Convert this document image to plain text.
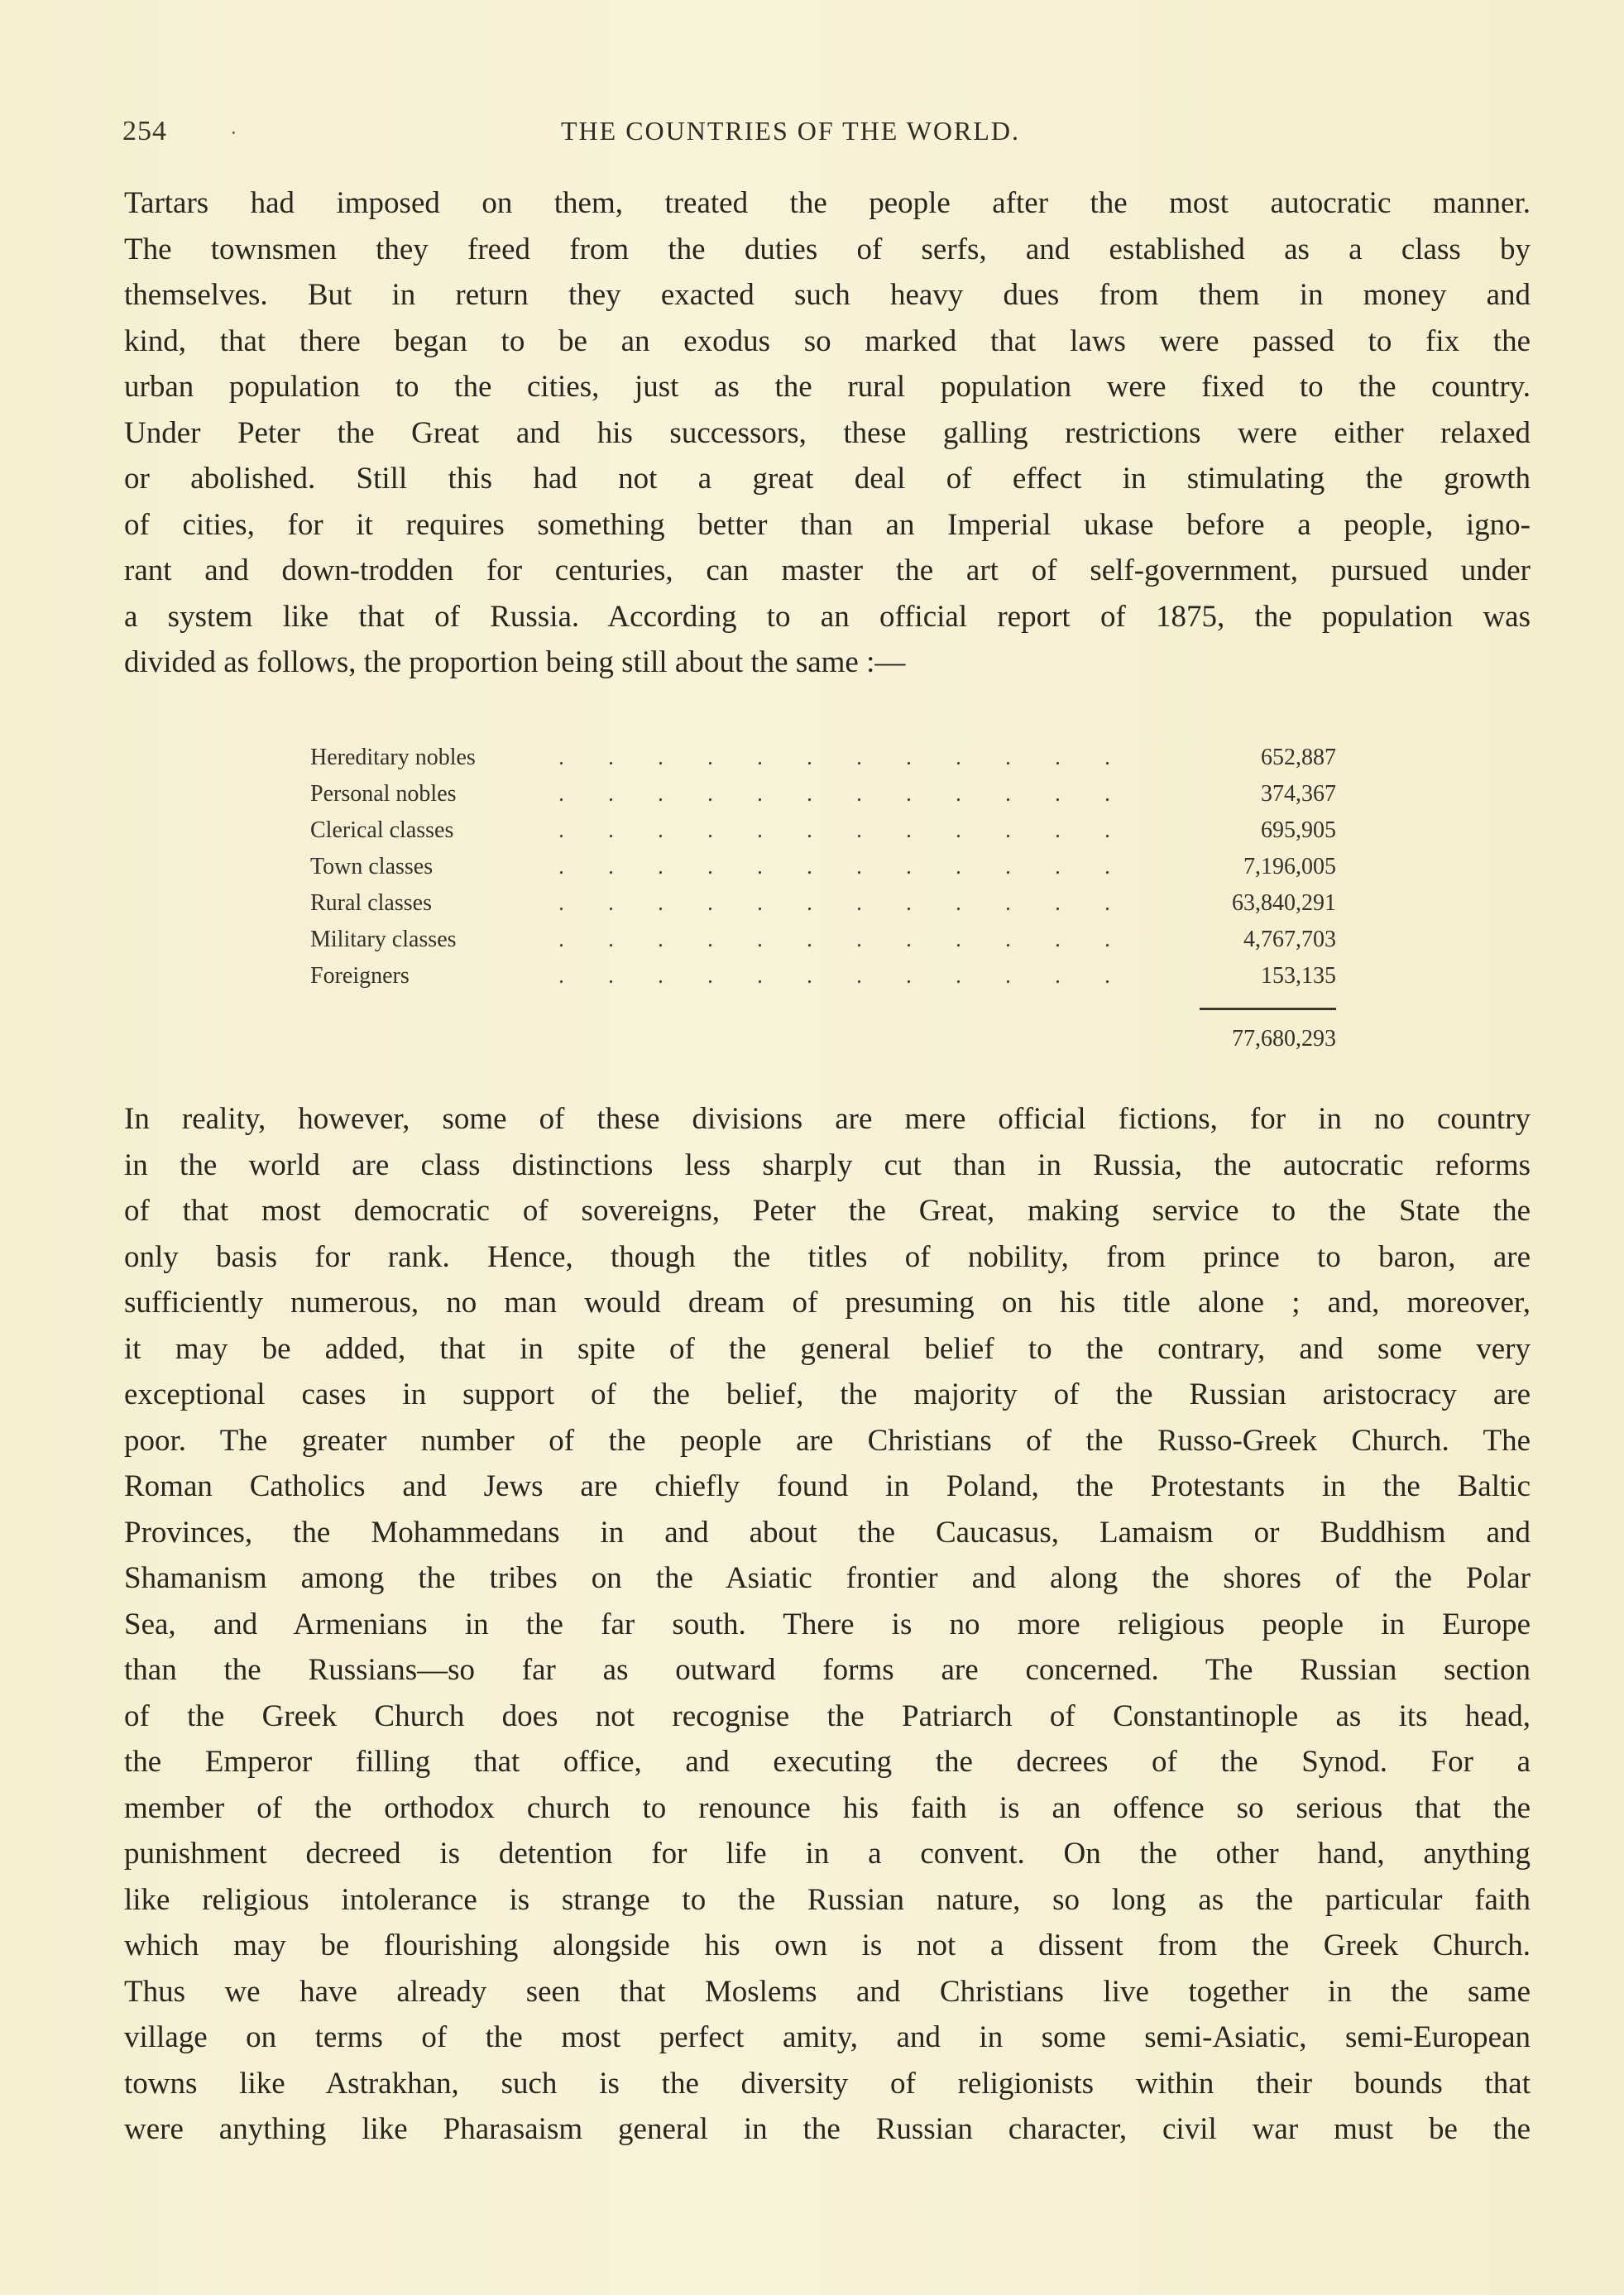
254	·	THE COUNTRIES OF THE WORLD.
Tartars had imposed on them, treated the people after the most autocratic manner.
The townsmen they freed from the duties of serfs, and established as a class by
themselves. But in return they exacted such heavy dues from them in money and
kind, that there began to be an exodus so marked that laws were passed to fix the
urban population to the cities, just as the rural population were fixed to the country.
Under Peter the Great and his successors, these galling restrictions were either relaxed
or abolished. Still this had not a great deal of effect in stimulating the growth
of cities, for it requires something better than an Imperial ukase before a people, igno-
rant and down-trodden for centuries, can master the art of self-government, pursued under
a system like that of Russia. According to an official report of 1875, the population was
divided as follows, the proportion being still about the same :—
Hereditary nobles	. . . . . . . . . . . .	652,887
Personal nobles	. . . . . . . . . . . .	374,367
Clerical classes	. . . . . . . . . . . .	695,905
Town classes	. . . . . . . . . . . .	7,196,005
Rural classes	. . . . . . . . . . . .	63,840,291
Military classes	. . . . . . . . . . . .	4,767,703
Foreigners	. . . . . . . . . . . .	153,135
77,680,293
In reality, however, some of these divisions are mere official fictions, for in no country
in the world are class distinctions less sharply cut than in Russia, the autocratic reforms
of that most democratic of sovereigns, Peter the Great, making service to the State the
only basis for rank. Hence, though the titles of nobility, from prince to baron, are
sufficiently numerous, no man would dream of presuming on his title alone ; and, moreover,
it may be added, that in spite of the general belief to the contrary, and some very
exceptional cases in support of the belief, the majority of the Russian aristocracy are
poor. The greater number of the people are Christians of the Russo-Greek Church. The
Roman Catholics and Jews are chiefly found in Poland, the Protestants in the Baltic
Provinces, the Mohammedans in and about the Caucasus, Lamaism or Buddhism and
Shamanism among the tribes on the Asiatic frontier and along the shores of the Polar
Sea, and Armenians in the far south. There is no more religious people in Europe
than the Russians—so far as outward forms are concerned. The Russian section
of the Greek Church does not recognise the Patriarch of Constantinople as its head,
the Emperor filling that office, and executing the decrees of the Synod. For a
member of the orthodox church to renounce his faith is an offence so serious that the
punishment decreed is detention for life in a convent. On the other hand, anything
like religious intolerance is strange to the Russian nature, so long as the particular faith
which may be flourishing alongside his own is not a dissent from the Greek Church.
Thus we have already seen that Moslems and Christians live together in the same
village on terms of the most perfect amity, and in some semi-Asiatic, semi-European
towns like Astrakhan, such is the diversity of religionists within their bounds that
were anything like Pharasaism general in the Russian character, civil war must be the
